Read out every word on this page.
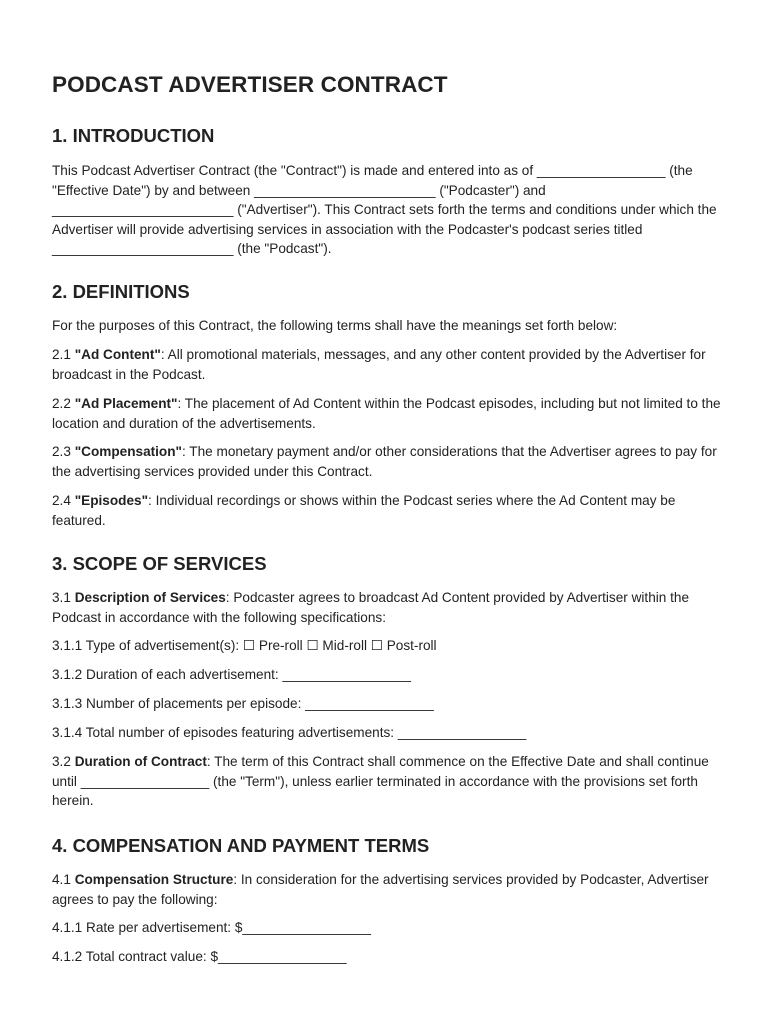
PODCAST ADVERTISER CONTRACT
1. INTRODUCTION

This Podcast Advertiser Contract (the "Contract") is made and entered into as of _________________ (the "Effective Date") by and between ________________________ ("Podcaster") and ________________________ ("Advertiser"). This Contract sets forth the terms and conditions under which the Advertiser will provide advertising services in association with the Podcaster's podcast series titled ________________________ (the "Podcast").

2. DEFINITIONS

For the purposes of this Contract, the following terms shall have the meanings set forth below:

2.1 "Ad Content": All promotional materials, messages, and any other content provided by the Advertiser for broadcast in the Podcast.

2.2 "Ad Placement": The placement of Ad Content within the Podcast episodes, including but not limited to the location and duration of the advertisements.

2.3 "Compensation": The monetary payment and/or other considerations that the Advertiser agrees to pay for the advertising services provided under this Contract.

2.4 "Episodes": Individual recordings or shows within the Podcast series where the Ad Content may be featured.

3. SCOPE OF SERVICES

3.1 Description of Services: Podcaster agrees to broadcast Ad Content provided by Advertiser within the Podcast in accordance with the following specifications:

3.1.1 Type of advertisement(s): ☐ Pre-roll ☐ Mid-roll ☐ Post-roll

3.1.2 Duration of each advertisement: _________________

3.1.3 Number of placements per episode: _________________

3.1.4 Total number of episodes featuring advertisements: _________________

3.2 Duration of Contract: The term of this Contract shall commence on the Effective Date and shall continue until _________________ (the "Term"), unless earlier terminated in accordance with the provisions set forth herein.

4. COMPENSATION AND PAYMENT TERMS

4.1 Compensation Structure: In consideration for the advertising services provided by Podcaster, Advertiser agrees to pay the following:

4.1.1 Rate per advertisement: $_________________

4.1.2 Total contract value: $_________________
